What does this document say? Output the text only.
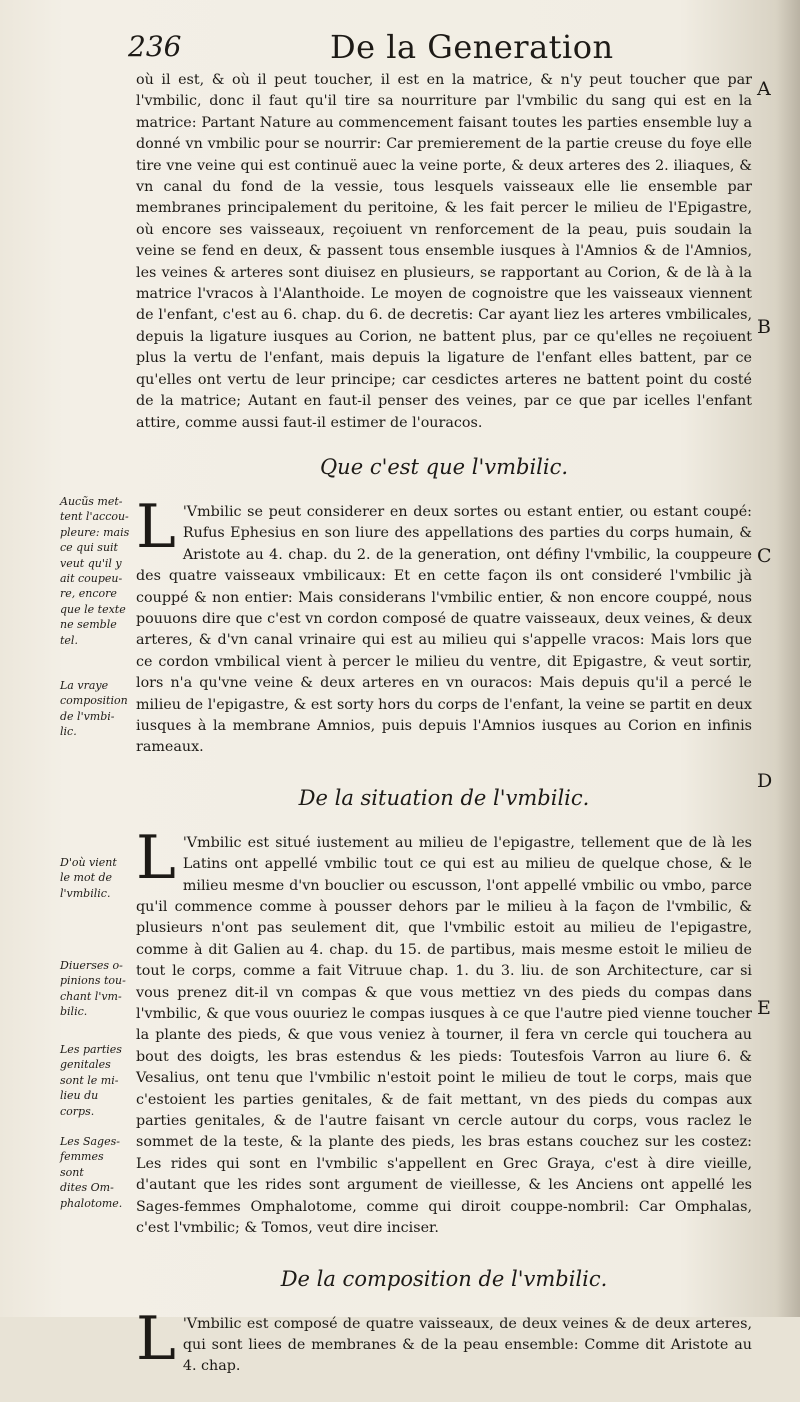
236	De la Generation
Aucũs met-
tent l'accou-
pleure: mais
ce qui suit
veut qu'il y
ait coupeu-
re, encore
que le texte
ne semble
tel.
La vraye
composition
de l'vmbi-
lic.
D'où vient
le mot de
l'vmbilic.
Diuerses o-
pinions tou-
chant l'vm-
bilic.
Les parties
genitales
sont le mi-
lieu du
corps.
Les Sages-
femmes sont
dites Om-
phalotome.
A
B
C
D
E

où il est, & où il peut toucher, il est en la matrice, & n'y peut toucher que par l'vmbilic, donc il faut qu'il tire sa nourriture par l'vmbilic du sang qui est en la matrice: Partant Nature au commencement faisant toutes les parties ensemble luy a donné vn vmbilic pour se nourrir: Car premierement de la partie creuse du foye elle tire vne veine qui est continuë auec la veine porte, & deux arteres des 2. iliaques, & vn canal du fond de la vessie, tous lesquels vaisseaux elle lie ensemble par membranes principalement du peritoine, & les fait percer le milieu de l'Epigastre, où encore ses vaisseaux, reçoiuent vn renforcement de la peau, puis soudain la veine se fend en deux, & passent tous ensemble iusques à l'Amnios & de l'Amnios, les veines & arteres sont diuisez en plusieurs, se rapportant au Corion, & de là à la matrice l'vracos à l'Alanthoide. Le moyen de cognoistre que les vaisseaux viennent de l'enfant, c'est au 6. chap. du 6. de decretis: Car ayant liez les arteres vmbilicales, depuis la ligature iusques au Corion, ne battent plus, par ce qu'elles ne reçoiuent plus la vertu de l'enfant, mais depuis la ligature de l'enfant elles battent, par ce qu'elles ont vertu de leur principe; car cesdictes arteres ne battent point du costé de la matrice; Autant en faut-il penser des veines, par ce que par icelles l'enfant attire, comme aussi faut-il estimer de l'ouracos.

Que c'est que l'vmbilic.
L 'Vmbilic se peut considerer en deux sortes ou estant entier, ou estant coupé: Rufus Ephesius en son liure des appellations des parties du corps humain, & Aristote au 4. chap. du 2. de la generation, ont définy l'vmbilic, la couppeure des quatre vaisseaux vmbilicaux: Et en cette façon ils ont consideré l'vmbilic jà couppé & non entier: Mais considerans l'vmbilic entier, & non encore couppé, nous pouuons dire que c'est vn cordon composé de quatre vaisseaux, deux veines, & deux arteres, & d'vn canal vrinaire qui est au milieu qui s'appelle vracos: Mais lors que ce cordon vmbilical vient à percer le milieu du ventre, dit Epigastre, & veut sortir, lors n'a qu'vne veine & deux arteres en vn ouracos: Mais depuis qu'il a percé le milieu de l'epigastre, & est sorty hors du corps de l'enfant, la veine se partit en deux iusques à la membrane Amnios, puis depuis l'Amnios iusques au Corion en infinis rameaux.
De la situation de l'vmbilic.
L 'Vmbilic est situé iustement au milieu de l'epigastre, tellement que de là les Latins ont appellé vmbilic tout ce qui est au milieu de quelque chose, & le milieu mesme d'vn bouclier ou escusson, l'ont appellé vmbilic ou vmbo, parce qu'il commence comme à pousser dehors par le milieu à la façon de l'vmbilic, & plusieurs n'ont pas seulement dit, que l'vmbilic estoit au milieu de l'epigastre, comme à dit Galien au 4. chap. du 15. de partibus, mais mesme estoit le milieu de tout le corps, comme a fait Vitruue chap. 1. du 3. liu. de son Architecture, car si vous prenez dit-il vn compas & que vous mettiez vn des pieds du compas dans l'vmbilic, & que vous ouuriez le compas iusques à ce que l'autre pied vienne toucher la plante des pieds, & que vous veniez à tourner, il fera vn cercle qui touchera au bout des doigts, les bras estendus & les pieds: Toutesfois Varron au liure 6. & Vesalius, ont tenu que l'vmbilic n'estoit point le milieu de tout le corps, mais que c'estoient les parties genitales, & de fait mettant, vn des pieds du compas aux parties genitales, & de l'autre faisant vn cercle autour du corps, vous raclez le sommet de la teste, & la plante des pieds, les bras estans couchez sur les costez: Les rides qui sont en l'vmbilic s'appellent en Grec Graya, c'est à dire vieille, d'autant que les rides sont argument de vieillesse, & les Anciens ont appellé les Sages-femmes Omphalotome, comme qui diroit couppe-nombril: Car Omphalas, c'est l'vmbilic; & Tomos, veut dire inciser.
De la composition de l'vmbilic.
L 'Vmbilic est composé de quatre vaisseaux, de deux veines & de deux arteres, qui sont liees de membranes & de la peau ensemble: Comme dit Aristote au 4. chap.
